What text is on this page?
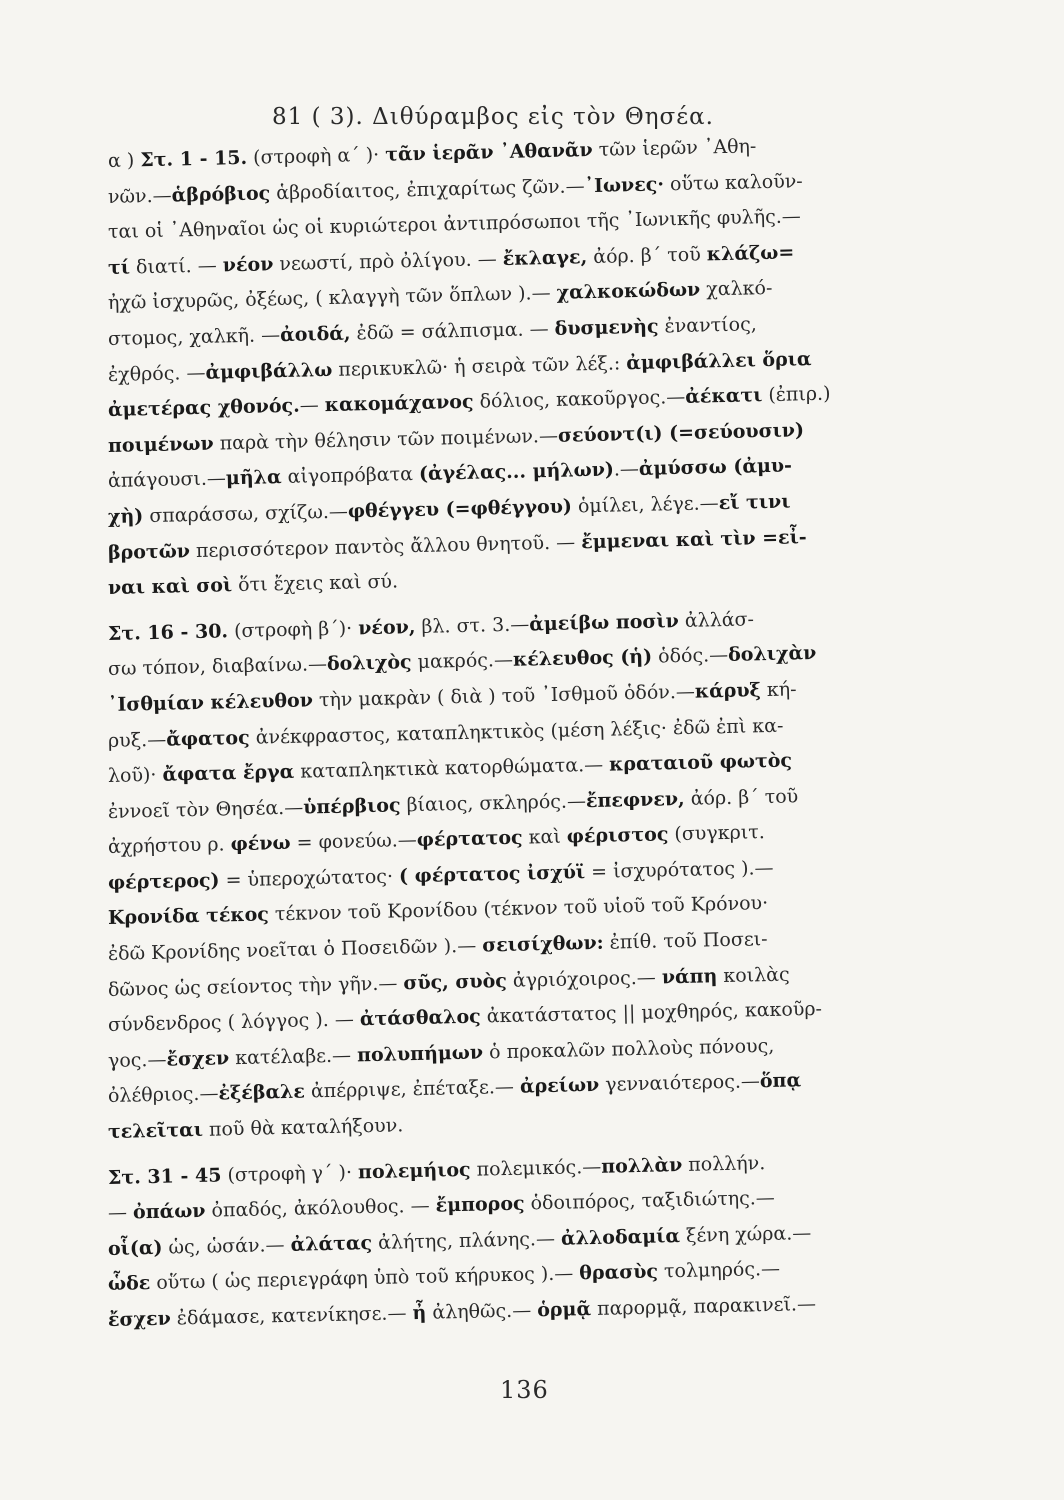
81 ( 3). Διθύραμβος εἰς τὸν Θησέα.
α ) Στ. 1 - 15. (στροφὴ α΄ )· τᾶν ἱερᾶν ᾿Αθανᾶν τῶν ἱερῶν ᾿Αθη-
νῶν.—ἁβρόβιος ἁβροδίαιτος, ἐπιχαρίτως ζῶν.—᾿Ιωνες· οὕτω καλοῦν-
ται οἱ ᾿Αθηναῖοι ὡς οἱ κυριώτεροι ἀντιπρόσωποι τῆς ᾿Ιωνικῆς φυλῆς.—
τί διατί. — νέον νεωστί, πρὸ ὀλίγου. — ἔκλαγε, ἀόρ. β΄ τοῦ κλάζω=
ἠχῶ ἰσχυρῶς, ὀξέως, ( κλαγγὴ τῶν ὅπλων ).— χαλκοκώδων χαλκό-
στομος, χαλκῆ. —ἀοιδά, ἐδῶ = σάλπισμα. — δυσμενὴς ἐναντίος,
ἐχθρός. —ἀμφιβάλλω περικυκλῶ· ἡ σειρὰ τῶν λέξ.: ἀμφιβάλλει ὅρια
ἀμετέρας χθονός.— κακομάχανος δόλιος, κακοῦργος.—ἀέκατι (ἐπιρ.)
ποιμένων παρὰ τὴν θέλησιν τῶν ποιμένων.—σεύοντ(ι) (=σεύουσιν)
ἀπάγουσι.—μῆλα αἰγοπρόβατα (ἀγέλας... μήλων).—ἀμύσσω (ἀμυ-
χὴ) σπαράσσω, σχίζω.—φθέγγευ (=φθέγγου) ὁμίλει, λέγε.—εἴ τινι
βροτῶν περισσότερον παντὸς ἄλλου θνητοῦ. — ἔμμεναι καὶ τὶν =εἶ-
ναι καὶ σοὶ ὅτι ἔχεις καὶ σύ.
Στ. 16 - 30. (στροφὴ β΄)· νέον, βλ. στ. 3.—ἀμείβω ποσὶν ἀλλάσ-
σω τόπον, διαβαίνω.—δολιχὸς μακρός.—κέλευθος (ἡ) ὁδός.—δολιχὰν
᾿Ισθμίαν κέλευθον τὴν μακρὰν ( διὰ ) τοῦ ᾿Ισθμοῦ ὁδόν.—κάρυξ κή-
ρυξ.—ἄφατος ἀνέκφραστος, καταπληκτικὸς (μέση λέξις· ἐδῶ ἐπὶ κα-
λοῦ)· ἄφατα ἔργα καταπληκτικὰ κατορθώματα.— κραταιοῦ φωτὸς
ἐννοεῖ τὸν Θησέα.—ὑπέρβιος βίαιος, σκληρός.—ἔπεφνεν, ἀόρ. β΄ τοῦ
ἀχρήστου ρ. φένω = φονεύω.—φέρτατος καὶ φέριστος (συγκριτ.
φέρτερος) = ὑπεροχώτατος· ( φέρτατος ἰσχύϊ = ἰσχυρότατος ).—
Κρονίδα τέκος τέκνον τοῦ Κρονίδου (τέκνον τοῦ υἱοῦ τοῦ Κρόνου·
ἐδῶ Κρονίδης νοεῖται ὁ Ποσειδῶν ).— σεισίχθων: ἐπίθ. τοῦ Ποσει-
δῶνος ὡς σείοντος τὴν γῆν.— σῦς, συὸς ἀγριόχοιρος.— νάπη κοιλὰς
σύνδενδρος ( λόγγος ). — ἀτάσθαλος ἀκατάστατος || μοχθηρός, κακοῦρ-
γος.—ἔσχεν κατέλαβε.— πολυπήμων ὁ προκαλῶν πολλοὺς πόνους,
ὀλέθριος.—ἐξέβαλε ἀπέρριψε, ἐπέταξε.— ἀρείων γενναιότερος.—ὅπᾳ
τελεῖται ποῦ θὰ καταλήξουν.
Στ. 31 - 45 (στροφὴ γ΄ )· πολεμήιος πολεμικός.—πολλὰν πολλήν.
— ὀπάων ὀπαδός, ἀκόλουθος. — ἔμπορος ὁδοιπόρος, ταξιδιώτης.—
οἷ(α) ὡς, ὡσάν.— ἀλάτας ἀλήτης, πλάνης.— ἀλλοδαμία ξένη χώρα.—
ὧδε οὕτω ( ὡς περιεγράφη ὑπὸ τοῦ κήρυκος ).— θρασὺς τολμηρός.—
ἔσχεν ἐδάμασε, κατενίκησε.— ἦ ἀληθῶς.— ὁρμᾷ παρορμᾷ, παρακινεῖ.—
136
